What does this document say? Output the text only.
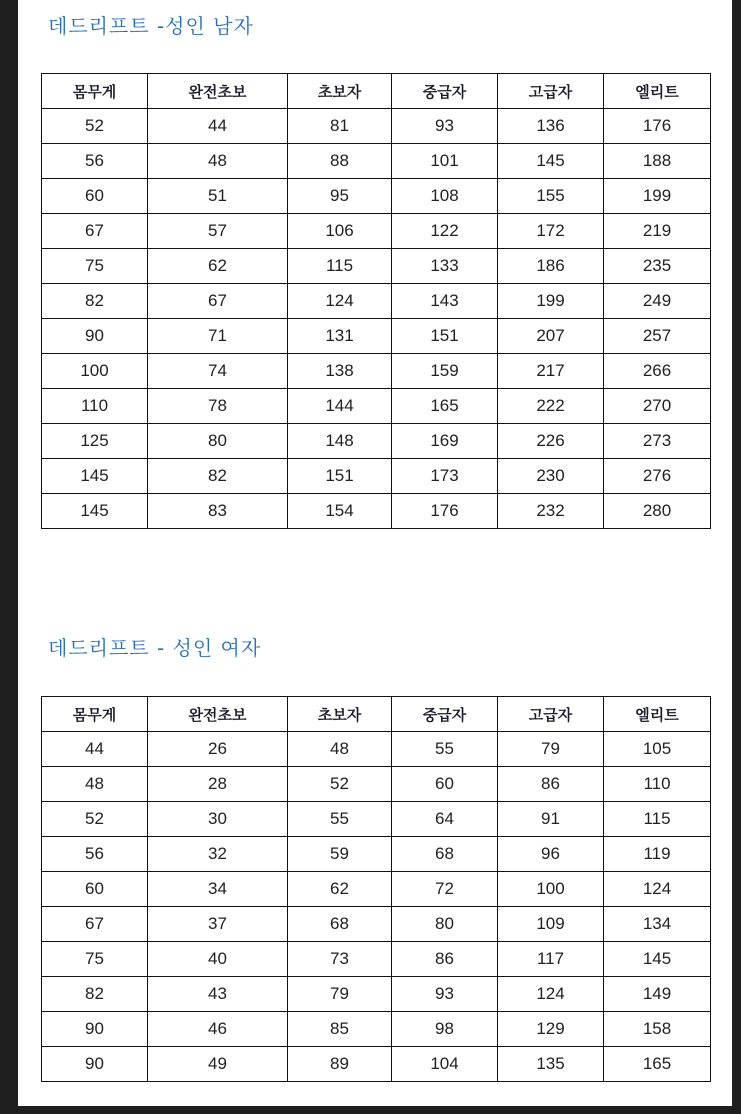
데드리프트 -성인 남자
몸무게	완전초보	초보자	중급자	고급자	엘리트
52	44	81	93	136	176
56	48	88	101	145	188
60	51	95	108	155	199
67	57	106	122	172	219
75	62	115	133	186	235
82	67	124	143	199	249
90	71	131	151	207	257
100	74	138	159	217	266
110	78	144	165	222	270
125	80	148	169	226	273
145	82	151	173	230	276
145	83	154	176	232	280
데드리프트 - 성인 여자
몸무게	완전초보	초보자	중급자	고급자	엘리트
44	26	48	55	79	105
48	28	52	60	86	110
52	30	55	64	91	115
56	32	59	68	96	119
60	34	62	72	100	124
67	37	68	80	109	134
75	40	73	86	117	145
82	43	79	93	124	149
90	46	85	98	129	158
90	49	89	104	135	165
